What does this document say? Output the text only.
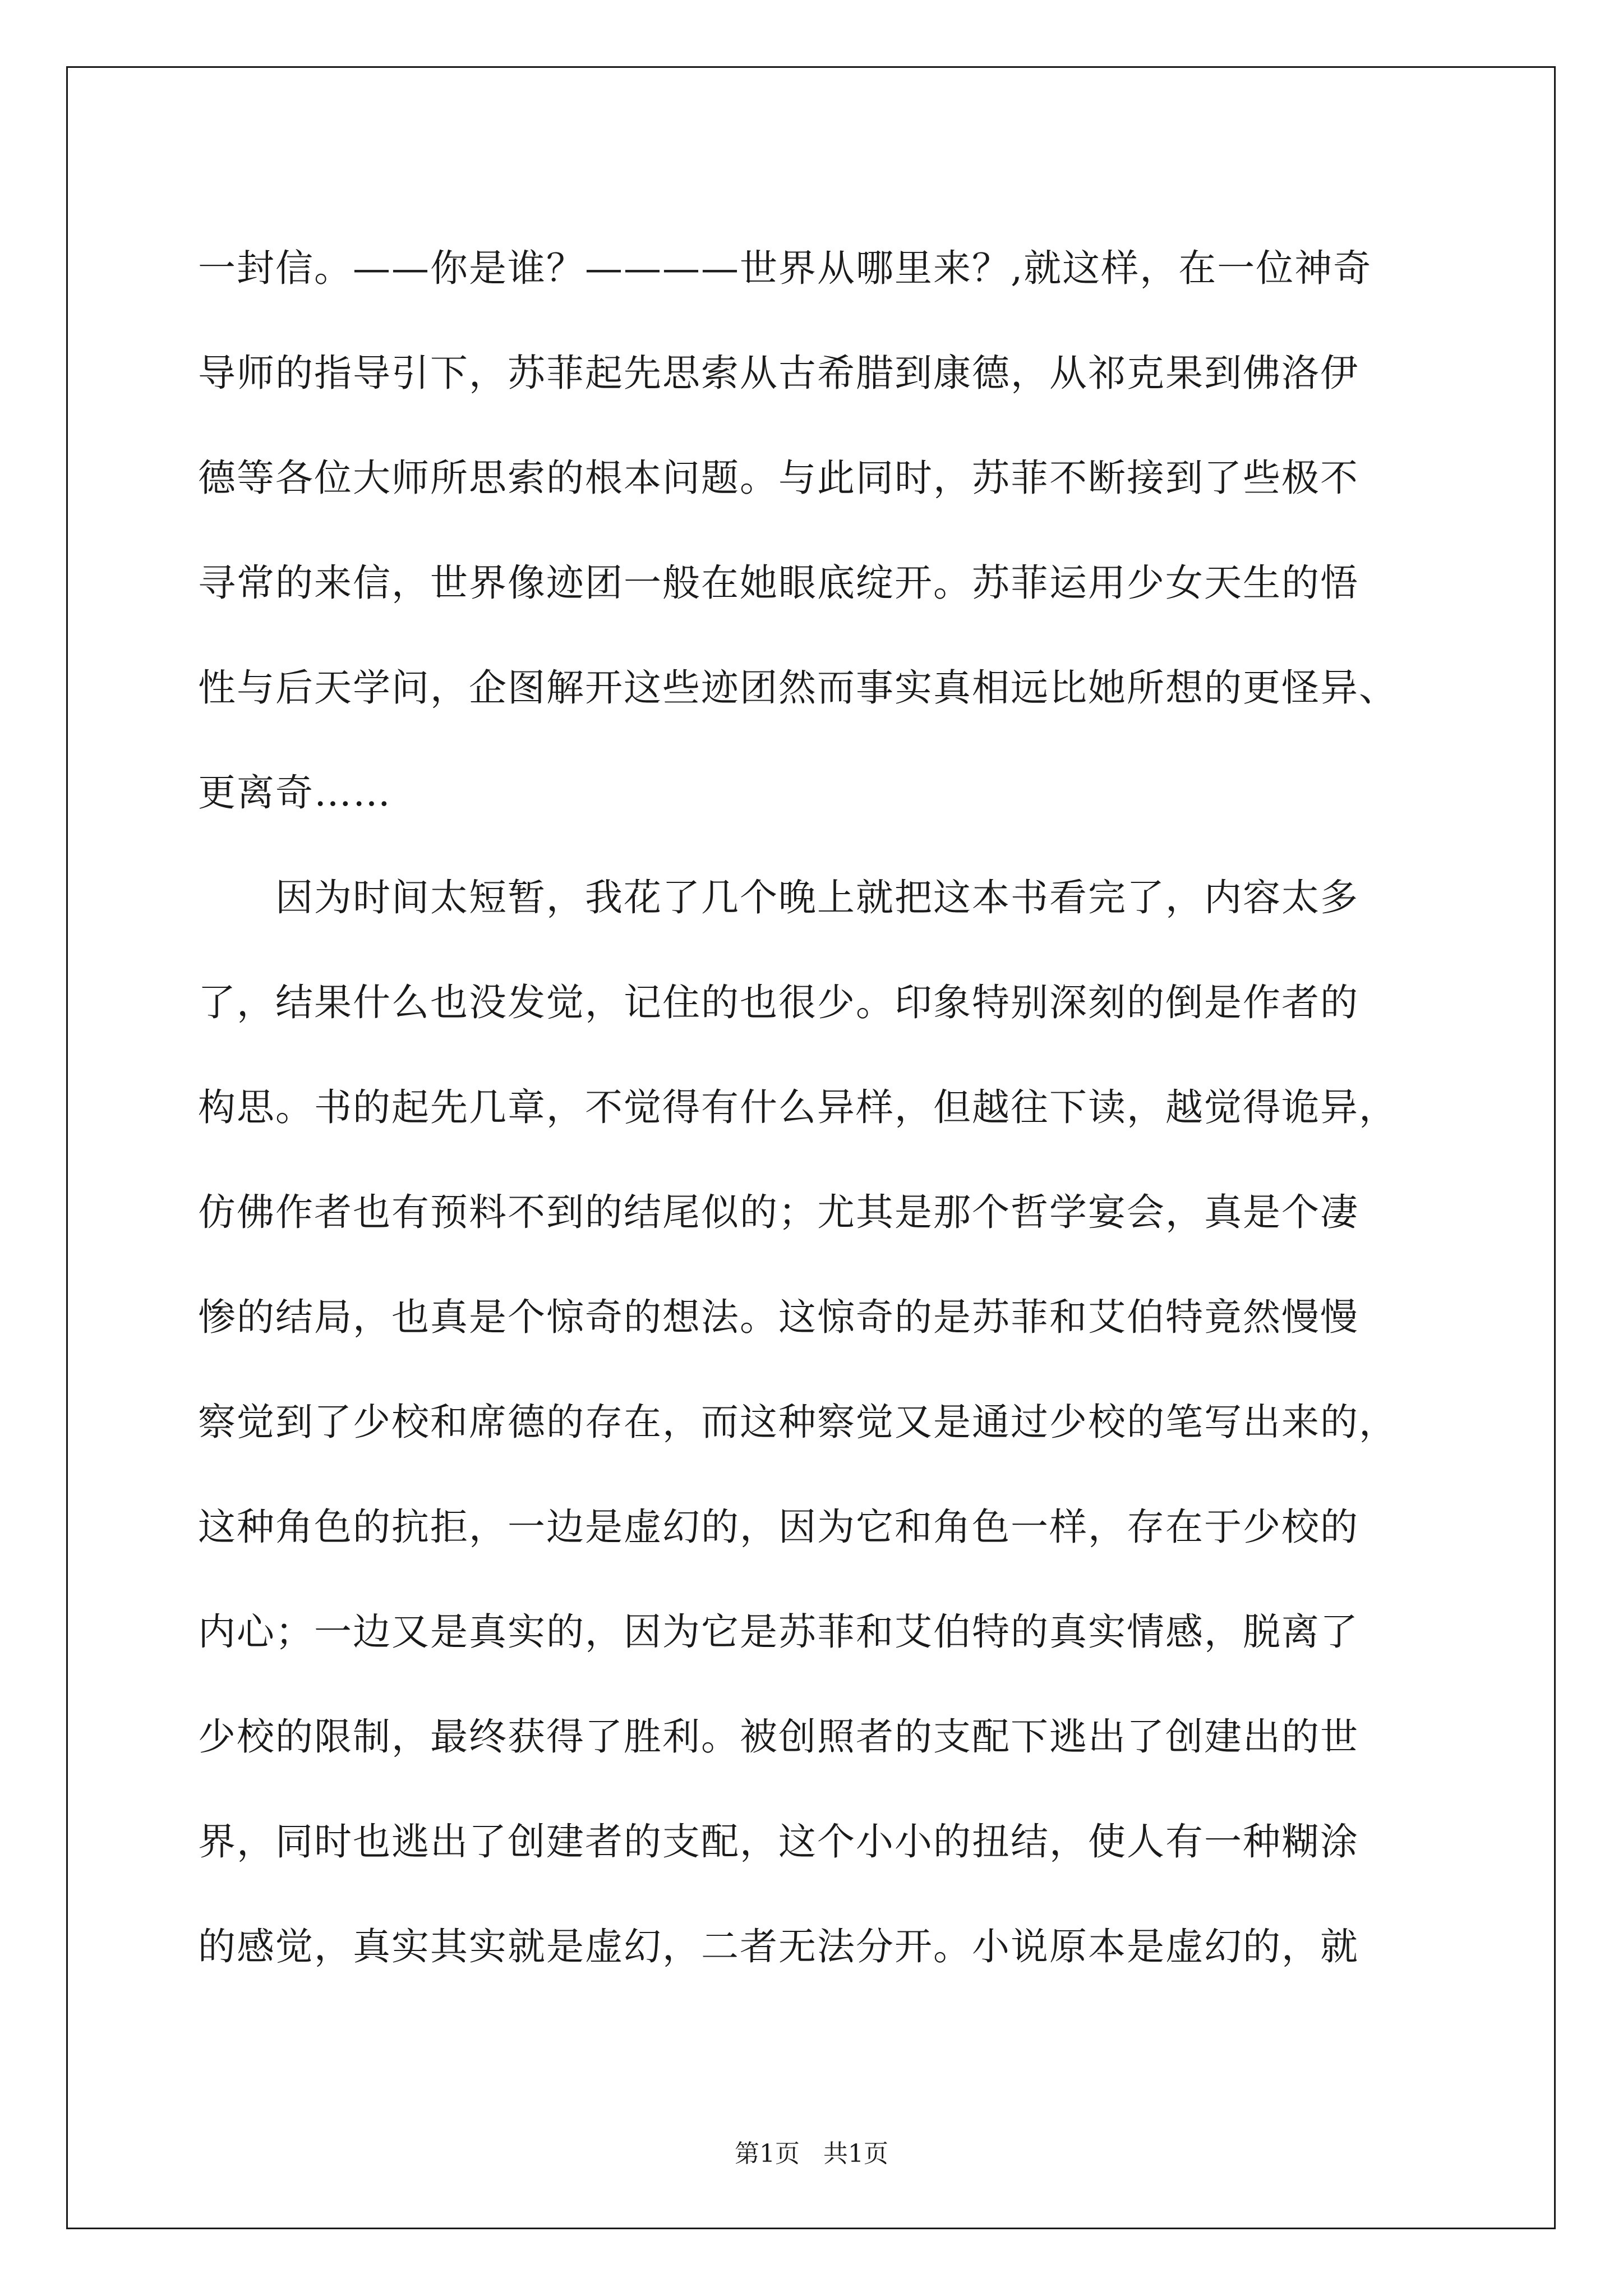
一封信。——你是谁？————世界从哪里来？,就这样，在一位神奇
导师的指导引下，苏菲起先思索从古希腊到康德，从祁克果到佛洛伊
德等各位大师所思索的根本问题。与此同时，苏菲不断接到了些极不
寻常的来信，世界像迹团一般在她眼底绽开。苏菲运用少女天生的悟
性与后天学问，企图解开这些迹团然而事实真相远比她所想的更怪异、
更离奇……

　　因为时间太短暂，我花了几个晚上就把这本书看完了，内容太多
了，结果什么也没发觉，记住的也很少。印象特别深刻的倒是作者的
构思。书的起先几章，不觉得有什么异样，但越往下读，越觉得诡异，
仿佛作者也有预料不到的结尾似的；尤其是那个哲学宴会，真是个凄
惨的结局，也真是个惊奇的想法。这惊奇的是苏菲和艾伯特竟然慢慢
察觉到了少校和席德的存在，而这种察觉又是通过少校的笔写出来的，
这种角色的抗拒，一边是虚幻的，因为它和角色一样，存在于少校的
内心；一边又是真实的，因为它是苏菲和艾伯特的真实情感，脱离了
少校的限制，最终获得了胜利。被创照者的支配下逃出了创建出的世
界，同时也逃出了创建者的支配，这个小小的扭结，使人有一种糊涂
的感觉，真实其实就是虚幻，二者无法分开。小说原本是虚幻的，就

第1页 共1页
